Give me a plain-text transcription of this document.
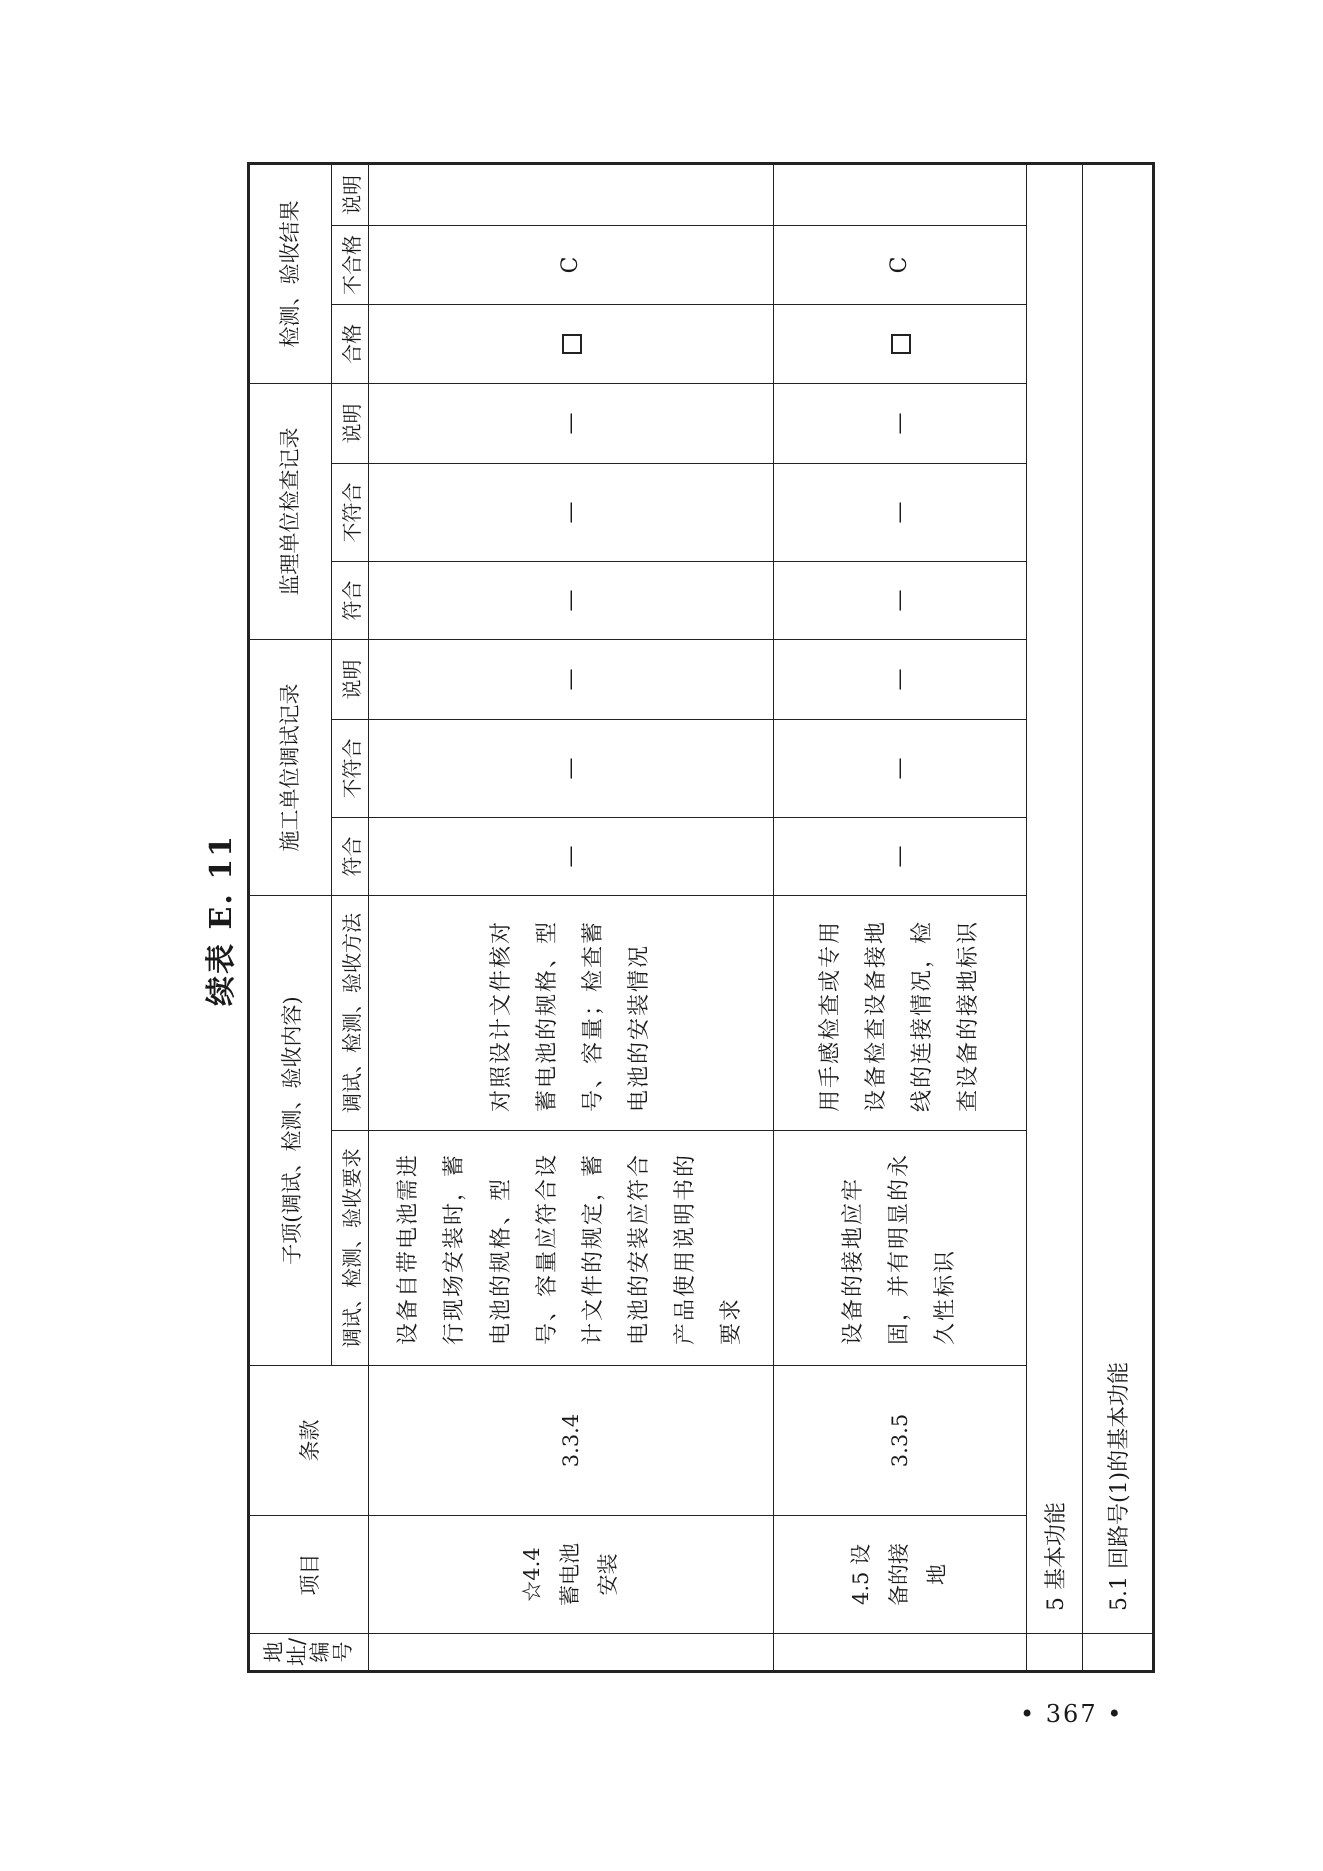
续表 E. 11
地址/编号	项目	条款	子项(调试、检测、验收内容)		施工单位调试记录			监理单位检查记录			检测、验收结果		
			调试、检测、验收要求	调试、检测、验收方法	符合	不符合	说明	符合	不符合	说明	合格	不合格	说明
	☆4.4 蓄电池安装	3.3.4	设备自带电池需进行现场安装时，蓄电池的规格、型号、容量应符合设计文件的规定，蓄电池的安装应符合产品使用说明书的要求	对照设计文件核对蓄电池的规格、型号、容量；检查蓄电池的安装情况	—	—	—	—	—	—		C	
	4.5 设备的接地	3.3.5	设备的接地应牢固，并有明显的永久性标识	用手感检查或专用设备检查设备接地线的连接情况，检查设备的接地标识	—	—	—	—	—	—		C	
	5 基本功能												
	5.1 回路号(1)的基本功能												
• 367 •
